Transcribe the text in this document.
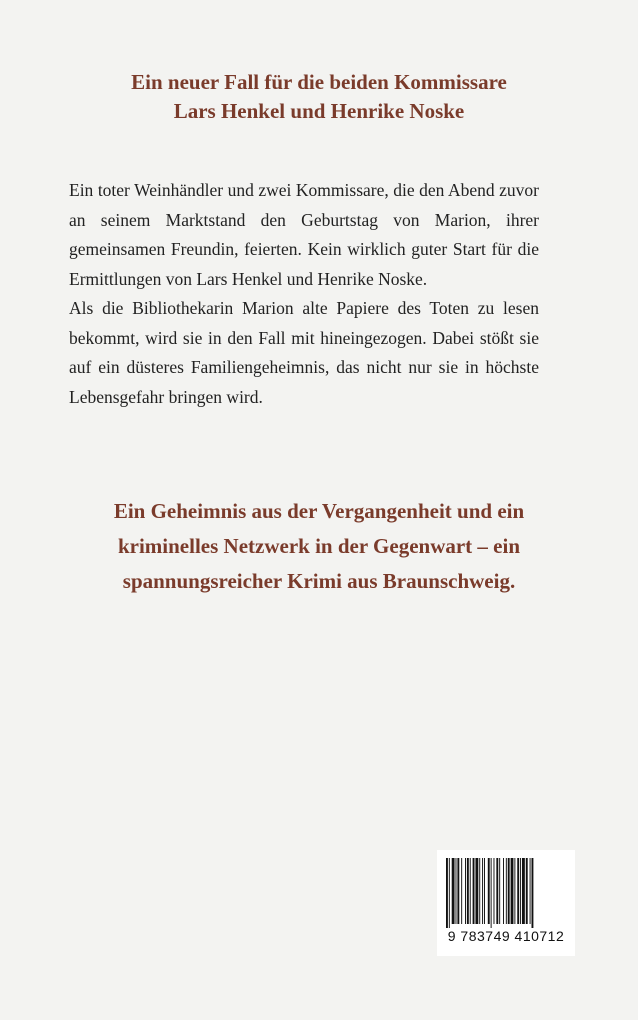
Ein neuer Fall für die beiden Kommissare
Lars Henkel und Henrike Noske

Ein toter Weinhändler und zwei Kommissare, die den Abend zuvor an seinem Marktstand den Geburtstag von Marion, ihrer gemeinsamen Freundin, feierten. Kein wirklich guter Start für die Ermittlungen von Lars Henkel und Henrike Noske.

Als die Bibliothekarin Marion alte Papiere des Toten zu lesen bekommt, wird sie in den Fall mit hineingezogen. Dabei stößt sie auf ein düsteres Familiengeheimnis, das nicht nur sie in höchste Lebensgefahr bringen wird.

Ein Geheimnis aus der Vergangenheit und ein
kriminelles Netzwerk in der Gegenwart – ein
spannungsreicher Krimi aus Braunschweig.
9 783749 410712
